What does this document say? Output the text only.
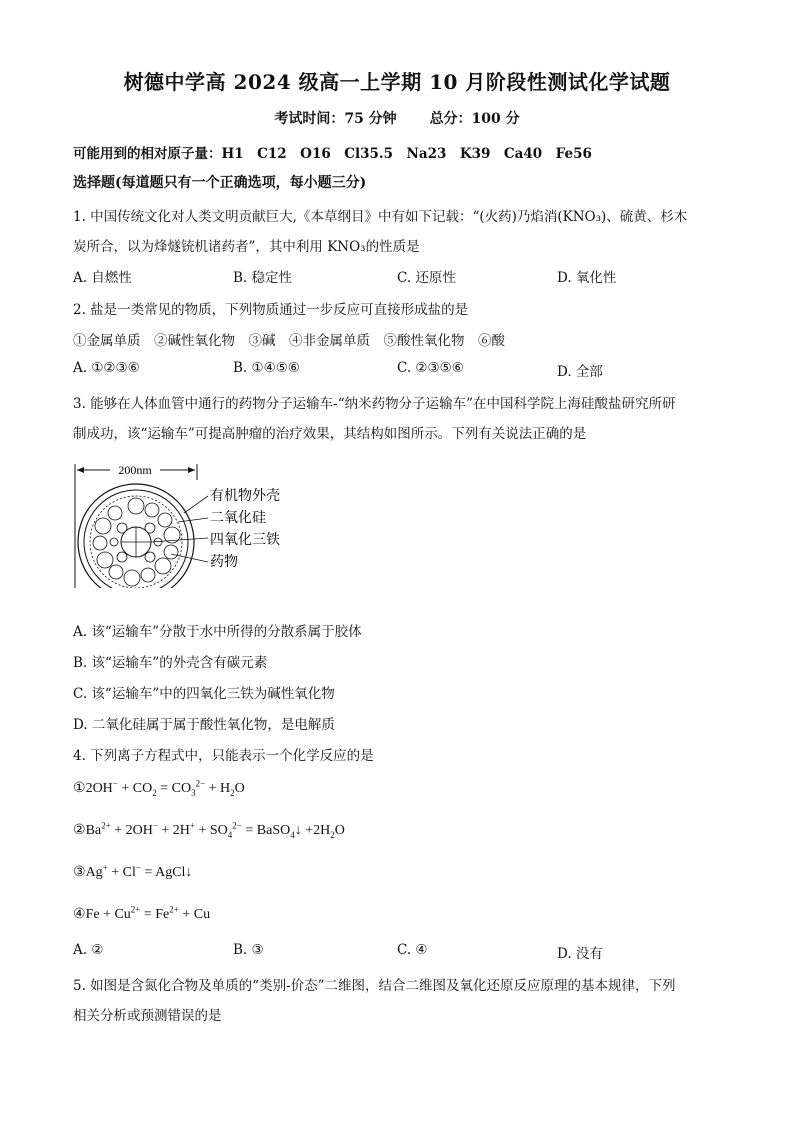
树德中学高 2024 级高一上学期 10 月阶段性测试化学试题
考试时间：75 分钟 总分：100 分
可能用到的相对原子量：H1　C12　O16　Cl35.5　Na23　K39　Ca40　Fe56
选择题(每道题只有一个正确选项，每小题三分)
1. 中国传统文化对人类文明贡献巨大,《本草纲目》中有如下记载：“(火药)乃焰消(KNO₃)、硫黄、杉木
炭所合，以为烽燧铳机诸药者”，其中利用 KNO₃的性质是
A. 自燃性	B. 稳定性	C. 还原性	D. 氧化性
2. 盐是一类常见的物质，下列物质通过一步反应可直接形成盐的是
①金属单质　②碱性氧化物　③碱　④非金属单质　⑤酸性氧化物　⑥酸
A. ①②③⑥	B. ①④⑤⑥	C. ②③⑤⑥	D. 全部
3. 能够在人体血管中通行的药物分子运输车-“纳米药物分子运输车”在中国科学院上海硅酸盐研究所研
制成功，该“运输车”可提高肿瘤的治疗效果，其结构如图所示。下列有关说法正确的是
200nm
有机物外壳
二氧化硅
四氧化三铁
药物
A. 该“运输车”分散于水中所得的分散系属于胶体
B. 该“运输车”的外壳含有碳元素
C. 该“运输车”中的四氧化三铁为碱性氧化物
D. 二氧化硅属于属于酸性氧化物，是电解质
4. 下列离子方程式中，只能表示一个化学反应的是
①2OH− + $CO_2 = CO_3^{2-} + H_2O$
$②Ba^{2+} + 2OH^- + 2H^+ + SO_4^{2-}$ = BaSO$_4$↓ $+2H_2O$
③Ag+ + Cl− = AgCl↓
④Fe + $Cu^{2+} = Fe^{2+} + Cu$
A. ②	B. ③	C. ④	D. 没有
5. 如图是含氮化合物及单质的“类别-价态”二维图，结合二维图及氧化还原反应原理的基本规律，下列
相关分析或预测错误的是
